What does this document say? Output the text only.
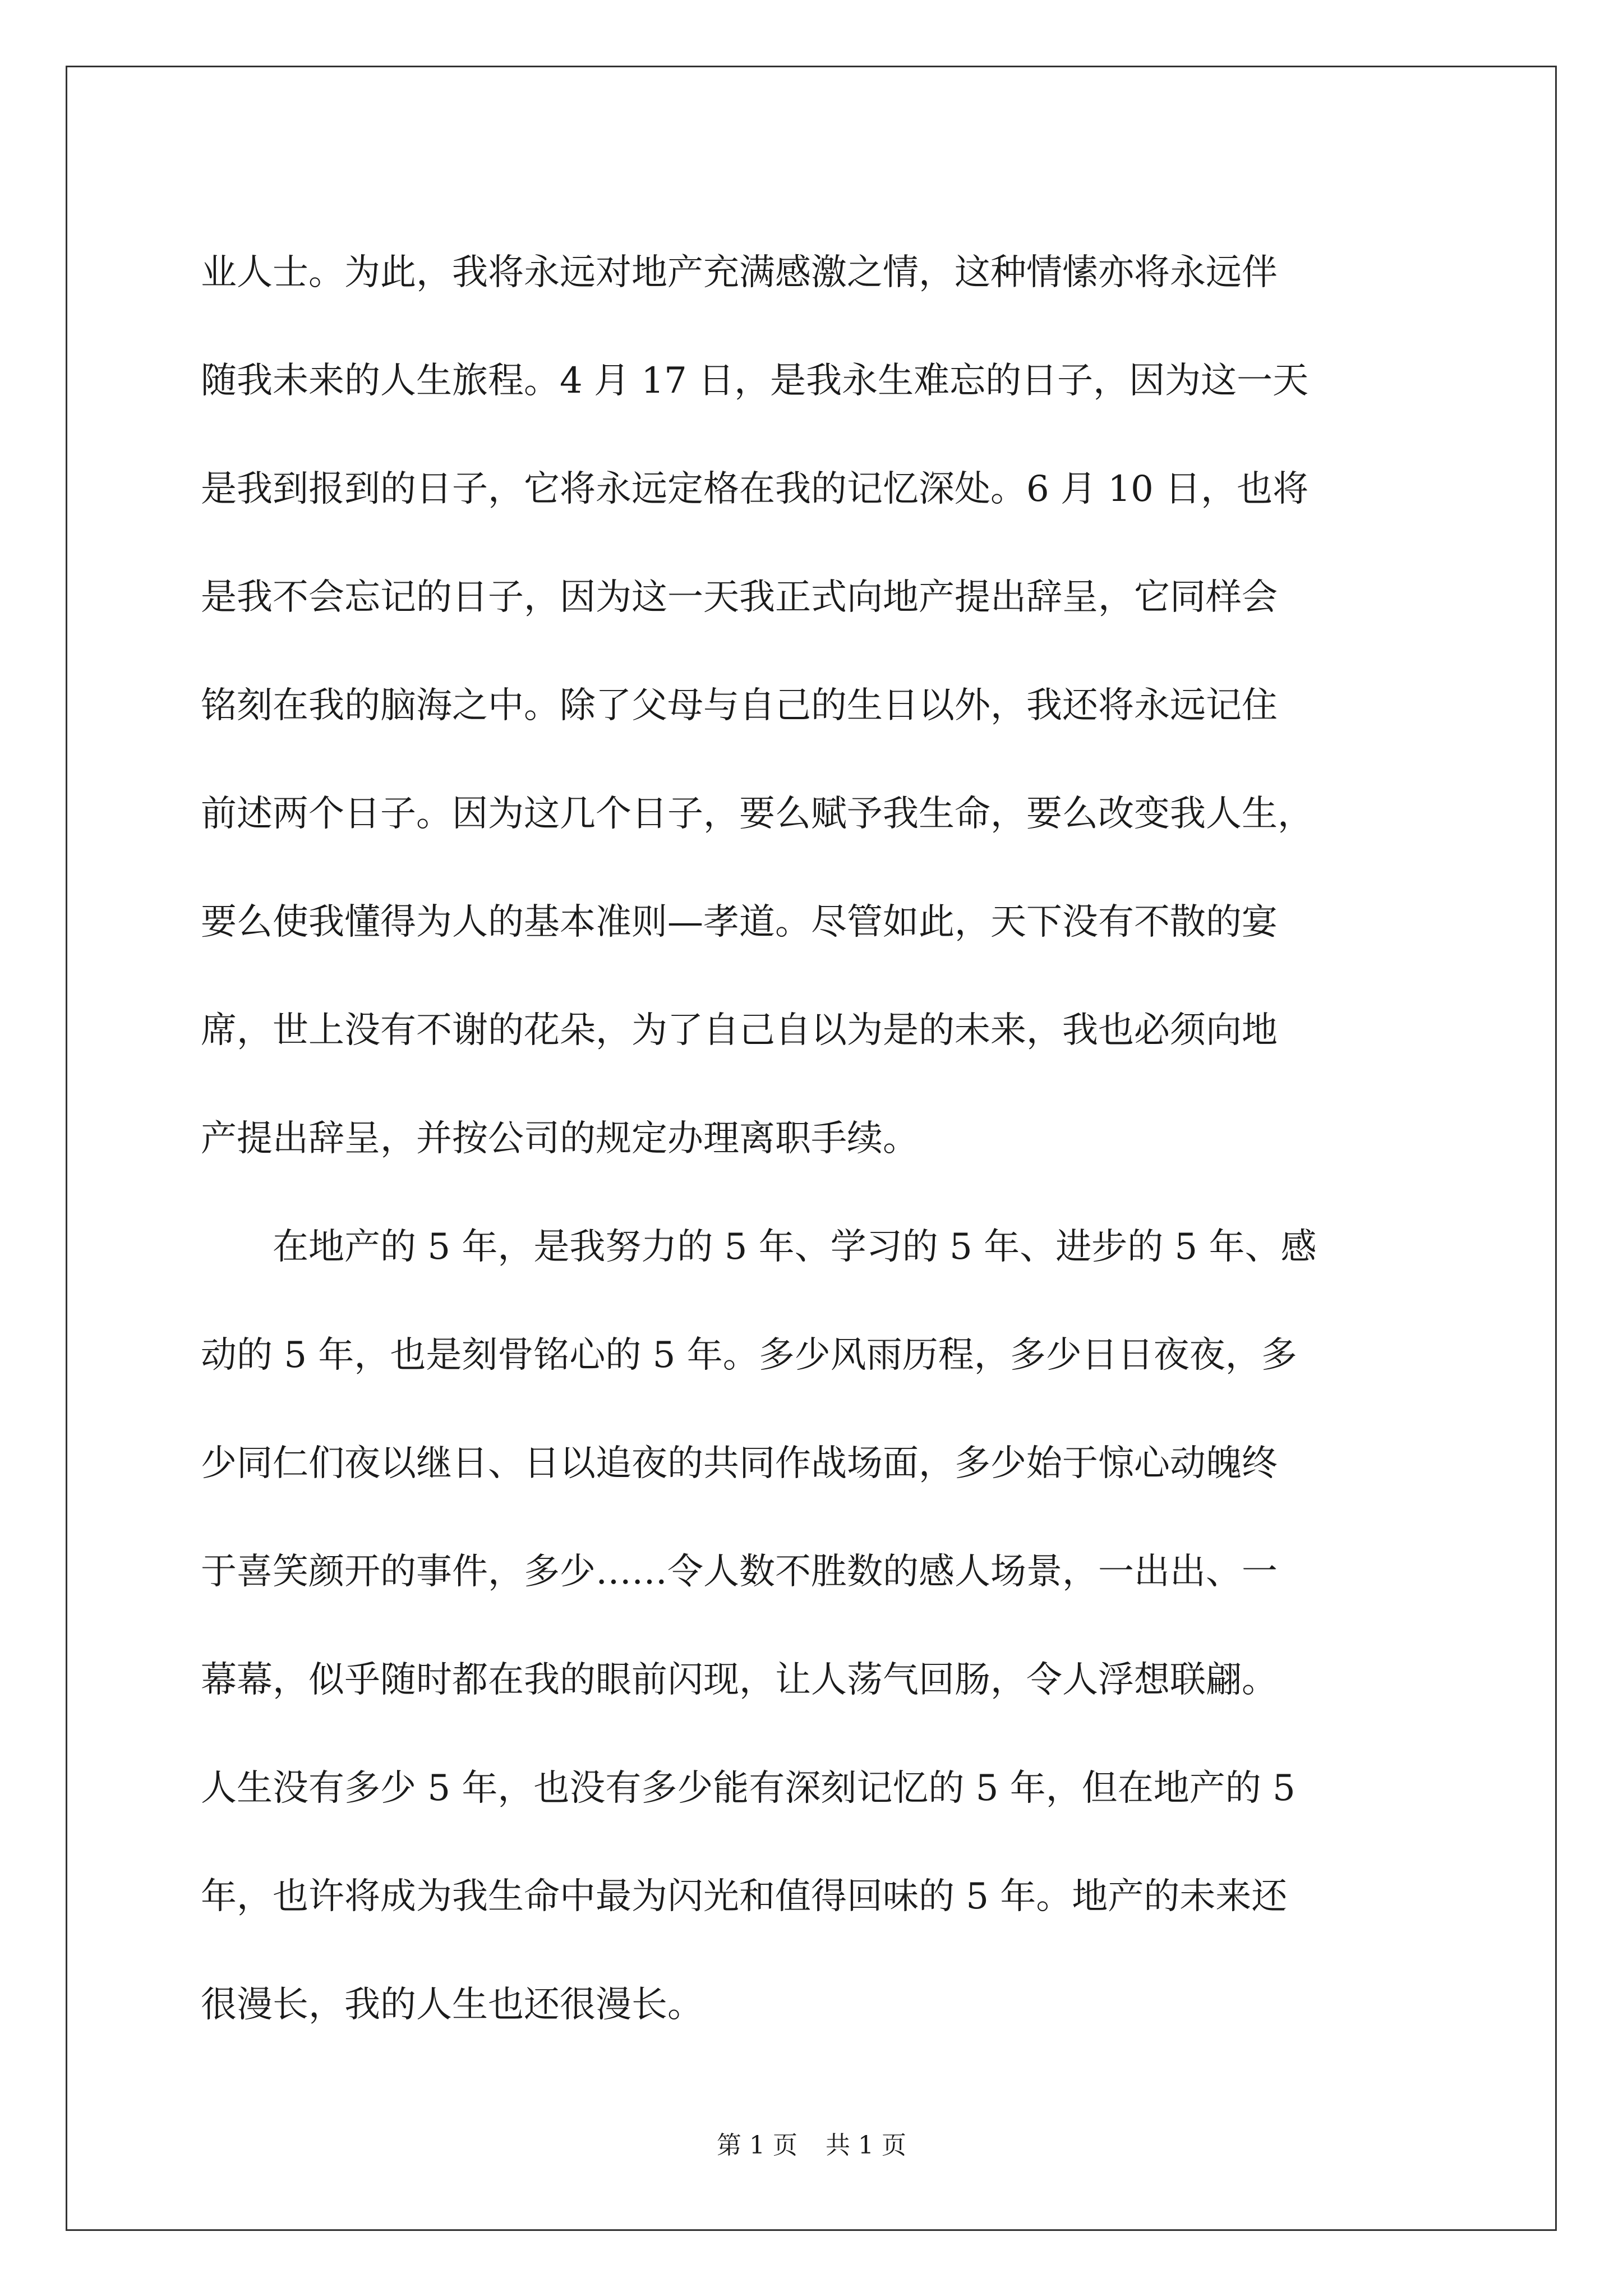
业人士。为此，我将永远对地产充满感激之情，这种情愫亦将永远伴

随我未来的人生旅程。4 月 17 日，是我永生难忘的日子，因为这一天

是我到报到的日子，它将永远定格在我的记忆深处。6 月 10 日，也将

是我不会忘记的日子，因为这一天我正式向地产提出辞呈，它同样会

铭刻在我的脑海之中。除了父母与自己的生日以外，我还将永远记住

前述两个日子。因为这几个日子，要么赋予我生命，要么改变我人生，

要么使我懂得为人的基本准则—孝道。尽管如此，天下没有不散的宴

席，世上没有不谢的花朵，为了自己自以为是的未来，我也必须向地

产提出辞呈，并按公司的规定办理离职手续。

在地产的 5 年，是我努力的 5 年、学习的 5 年、进步的 5 年、感

动的 5 年，也是刻骨铭心的 5 年。多少风雨历程，多少日日夜夜，多

少同仁们夜以继日、日以追夜的共同作战场面，多少始于惊心动魄终

于喜笑颜开的事件，多少……令人数不胜数的感人场景，一出出、一

幕幕，似乎随时都在我的眼前闪现，让人荡气回肠，令人浮想联翩。

人生没有多少 5 年，也没有多少能有深刻记忆的 5 年，但在地产的 5

年，也许将成为我生命中最为闪光和值得回味的 5 年。地产的未来还

很漫长，我的人生也还很漫长。

第 1 页 共 1 页
